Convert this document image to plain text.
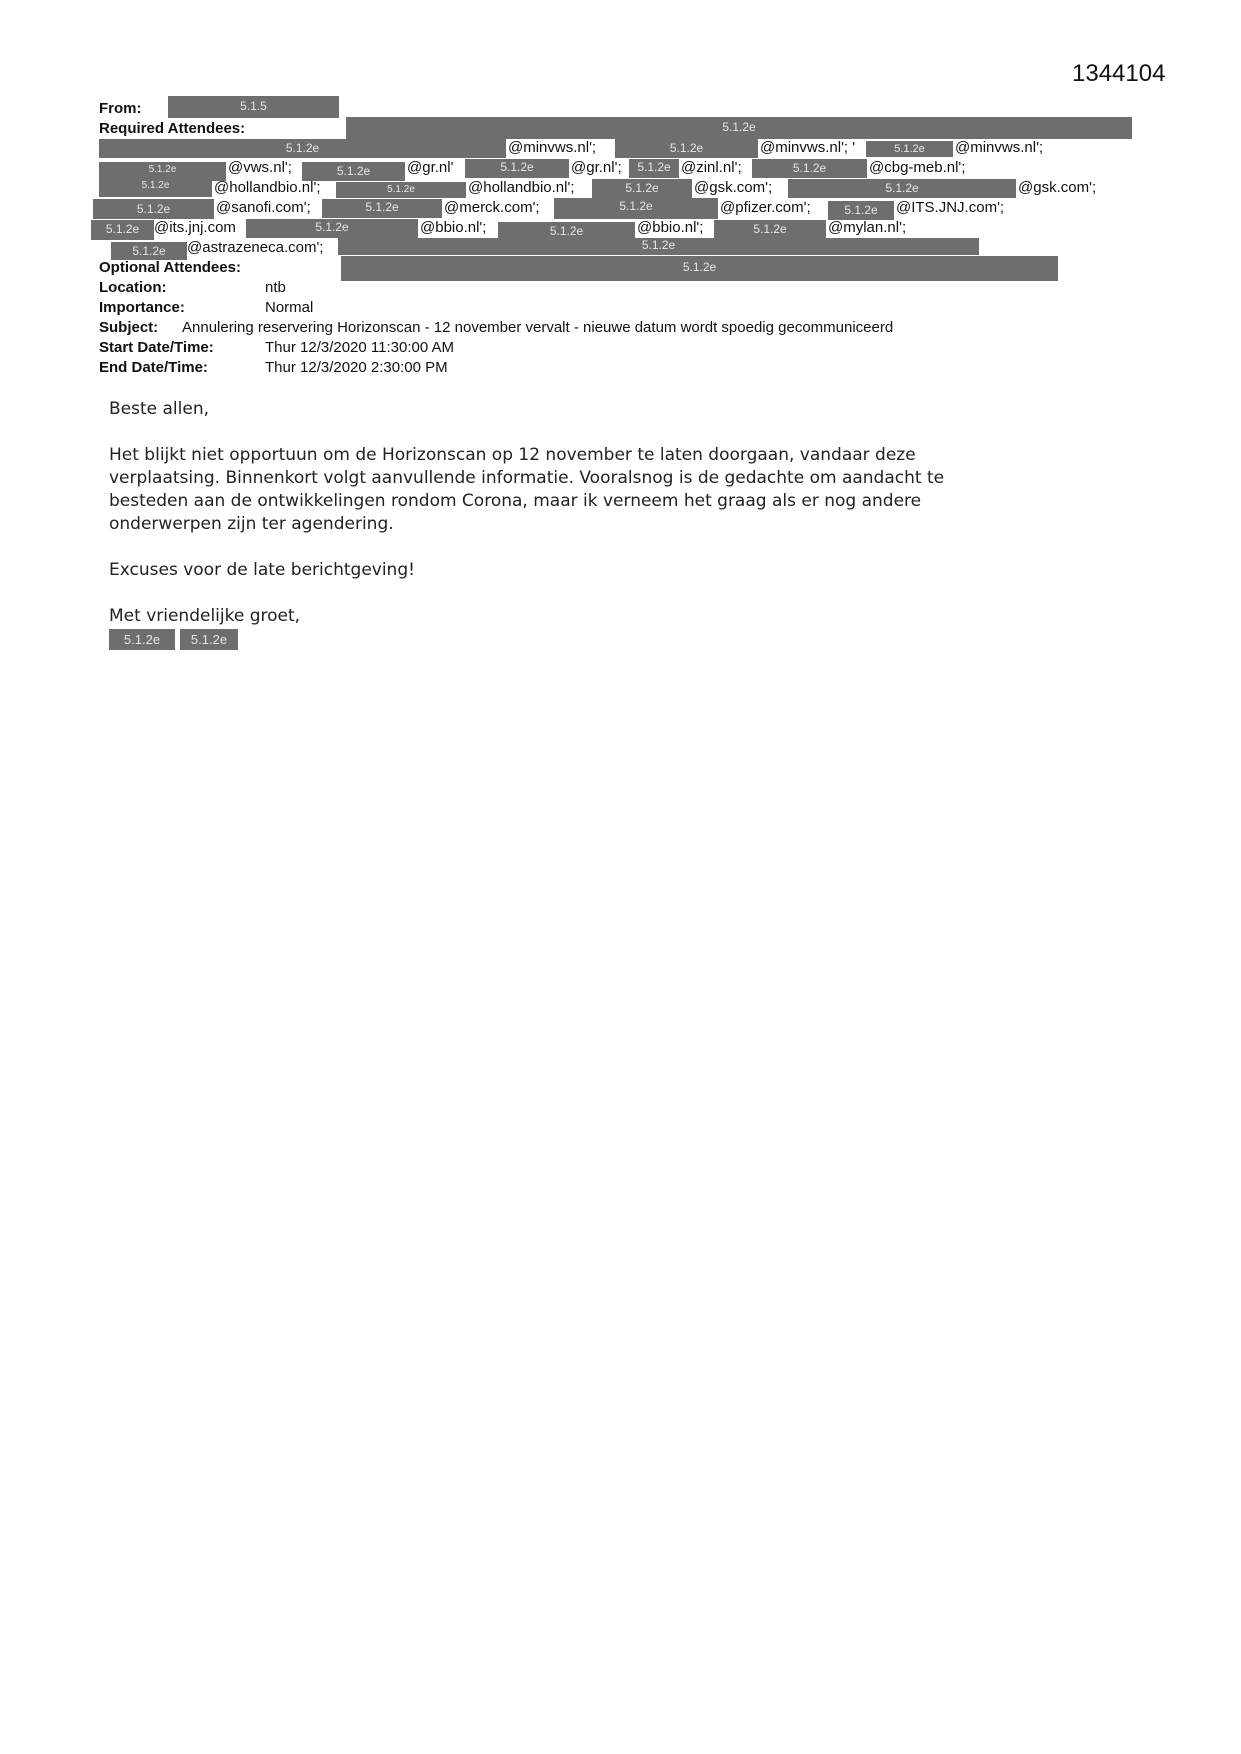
1344104
From:	5.1.5
Required Attendees:	5.1.2e
5.1.2e	@minvws.nl';	5.1.2e	@minvws.nl'; '	5.1.2e	@minvws.nl';
5.1.2e	@vws.nl';	5.1.2e	@gr.nl'	5.1.2e	@gr.nl';	5.1.2e @zinl.nl';	5.1.2e	@cbg-meb.nl';
5.1.2e	@hollandbio.nl';	5.1.2e	@hollandbio.nl';	5.1.2e	@gsk.com';	5.1.2e	@gsk.com';
5.1.2e	@sanofi.com';	5.1.2e	@merck.com';	5.1.2e	@pfizer.com';	5.1.2e	@ITS.JNJ.com';
5.1.2e @its.jnj.com	5.1.2e	@bbio.nl';	5.1.2e	@bbio.nl';	5.1.2e	@mylan.nl';
5.1.2e	@astrazeneca.com';	5.1.2e
Optional Attendees:	5.1.2e
Location:	ntb
Importance:	Normal
Subject: Annulering reservering Horizonscan - 12 november vervalt - nieuwe datum wordt spoedig gecommuniceerd
Start Date/Time:	Thur 12/3/2020 11:30:00 AM
End Date/Time:	Thur 12/3/2020 2:30:00 PM
Beste allen,
Het blijkt niet opportuun om de Horizonscan op 12 november te laten doorgaan, vandaar deze
verplaatsing. Binnenkort volgt aanvullende informatie. Vooralsnog is de gedachte om aandacht te
besteden aan de ontwikkelingen rondom Corona, maar ik verneem het graag als er nog andere
onderwerpen zijn ter agendering.
Excuses voor de late berichtgeving!
Met vriendelijke groet,
5.1.2e	5.1.2e
